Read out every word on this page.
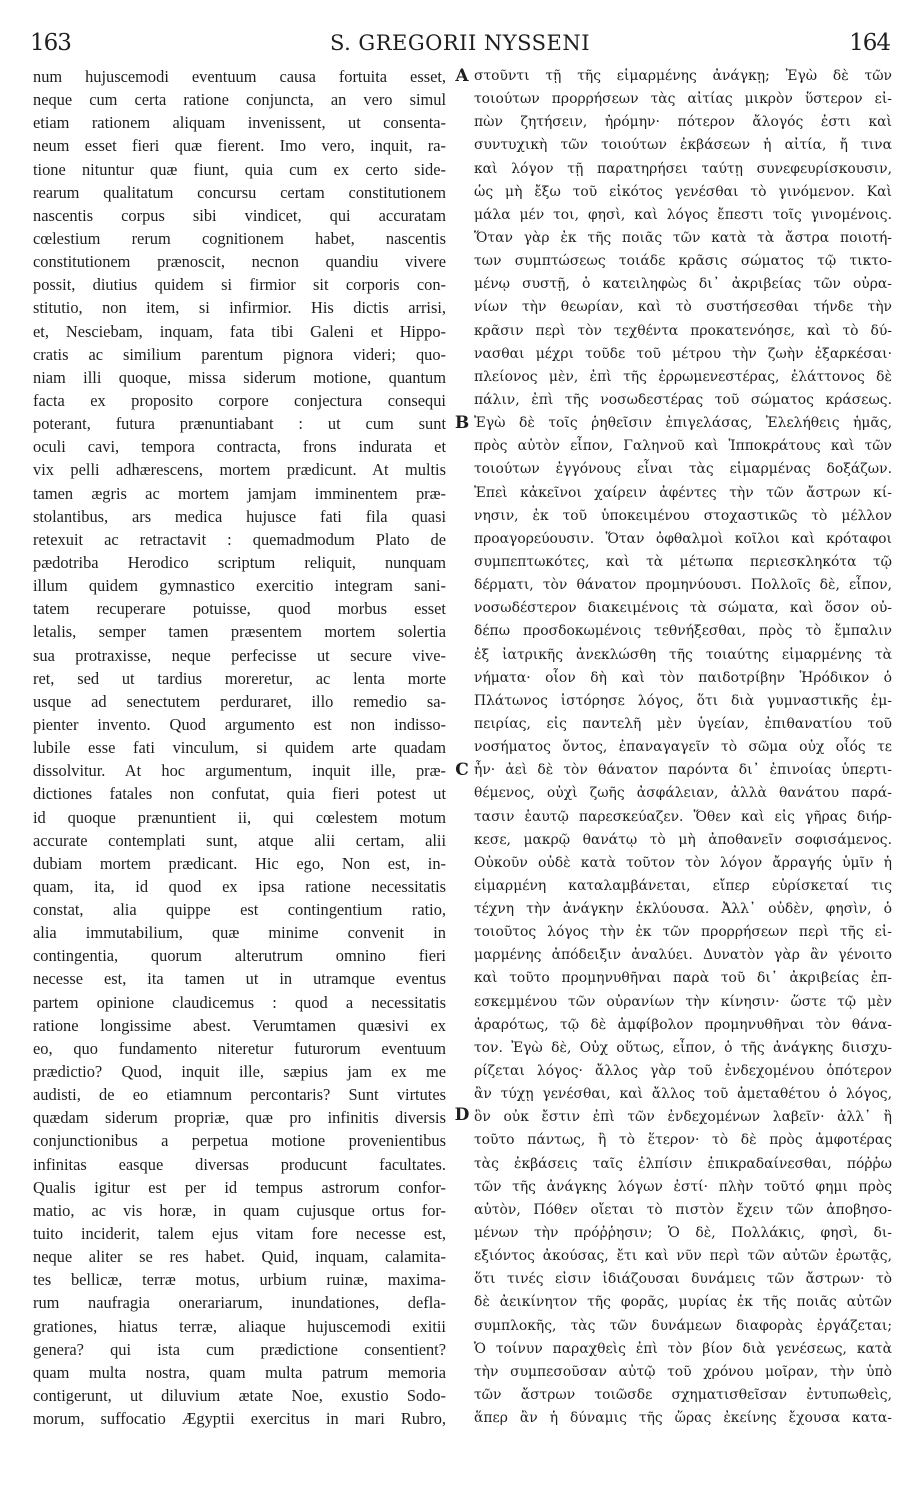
163	S. GREGORII NYSSENI	164
num hujuscemodi eventuum causa fortuita esset,
neque cum certa ratione conjuncta, an vero simul
etiam rationem aliquam invenissent, ut consenta-
neum esset fieri quæ fierent. Imo vero, inquit, ra-
tione nituntur quæ fiunt, quia cum ex certo side-
rearum qualitatum concursu certam constitutionem
nascentis corpus sibi vindicet, qui accuratam
cœlestium rerum cognitionem habet, nascentis
constitutionem prænoscit, necnon quandiu vivere
possit, diutius quidem si firmior sit corporis con-
stitutio, non item, si infirmior. His dictis arrisi,
et, Nesciebam, inquam, fata tibi Galeni et Hippo-
cratis ac similium parentum pignora videri; quo-
niam illi quoque, missa siderum motione, quantum
facta ex proposito corpore conjectura consequi
poterant, futura prænuntiabant : ut cum sunt
oculi cavi, tempora contracta, frons indurata et
vix pelli adhærescens, mortem prædicunt. At multis
tamen ægris ac mortem jamjam imminentem præ-
stolantibus, ars medica hujusce fati fila quasi
retexuit ac retractavit : quemadmodum Plato de
pædotriba Herodico scriptum reliquit, nunquam
illum quidem gymnastico exercitio integram sani-
tatem recuperare potuisse, quod morbus esset
letalis, semper tamen præsentem mortem solertia
sua protraxisse, neque perfecisse ut secure vive-
ret, sed ut tardius moreretur, ac lenta morte
usque ad senectutem perduraret, illo remedio sa-
pienter invento. Quod argumento est non indisso-
lubile esse fati vinculum, si quidem arte quadam
dissolvitur. At hoc argumentum, inquit ille, præ-
dictiones fatales non confutat, quia fieri potest ut
id quoque prænuntient ii, qui cœlestem motum
accurate contemplati sunt, atque alii certam, alii
dubiam mortem prædicant. Hic ego, Non est, in-
quam, ita, id quod ex ipsa ratione necessitatis
constat, alia quippe est contingentium ratio,
alia immutabilium, quæ minime convenit in
contingentia, quorum alterutrum omnino fieri
necesse est, ita tamen ut in utramque eventus
partem opinione claudicemus : quod a necessitatis
ratione longissime abest. Verumtamen quæsivi ex
eo, quo fundamento niteretur futurorum eventuum
prædictio? Quod, inquit ille, sæpius jam ex me
audisti, de eo etiamnum percontaris? Sunt virtutes
quædam siderum propriæ, quæ pro infinitis diversis
conjunctionibus a perpetua motione provenientibus
infinitas easque diversas producunt facultates.
Qualis igitur est per id tempus astrorum confor-
matio, ac vis horæ, in quam cujusque ortus for-
tuito inciderit, talem ejus vitam fore necesse est,
neque aliter se res habet. Quid, inquam, calamita-
tes bellicæ, terræ motus, urbium ruinæ, maxima-
rum naufragia onerariarum, inundationes, defla-
grationes, hiatus terræ, aliaque hujuscemodi exitii
genera? qui ista cum prædictione consentient?
quam multa nostra, quam multa patrum memoria
contigerunt, ut diluvium ætate Noe, exustio Sodo-
morum, suffocatio Ægyptii exercitus in mari Rubro,
στοῦντι τῇ τῆς εἱμαρμένης ἀνάγκῃ; Ἐγὼ δὲ τῶν
τοιούτων προρρήσεων τὰς αἰτίας μικρὸν ὕστερον εἰ-
πὼν ζητήσειν, ἠρόμην· πότερον ἄλογός ἐστι καὶ
συντυχικὴ τῶν τοιούτων ἐκβάσεων ἡ αἰτία, ἤ τινα
καὶ λόγον τῇ παρατηρήσει ταύτῃ συνεφευρίσκουσιν,
ὡς μὴ ἔξω τοῦ εἰκότος γενέσθαι τὸ γινόμενον. Καὶ
μάλα μέν τοι, φησὶ, καὶ λόγος ἔπεστι τοῖς γινομένοις.
Ὅταν γὰρ ἐκ τῆς ποιᾶς τῶν κατὰ τὰ ἄστρα ποιοτή-
των συμπτώσεως τοιάδε κρᾶσις σώματος τῷ τικτο-
μένῳ συστῇ, ὁ κατειληφὼς δι᾽ ἀκριβείας τῶν οὐρα-
νίων τὴν θεωρίαν, καὶ τὸ συστήσεσθαι τήνδε τὴν
κρᾶσιν περὶ τὸν τεχθέντα προκατενόησε, καὶ τὸ δύ-
νασθαι μέχρι τοῦδε τοῦ μέτρου τὴν ζωὴν ἐξαρκέσαι·
πλείονος μὲν, ἐπὶ τῆς ἐρρωμενεστέρας, ἐλάττονος δὲ
πάλιν, ἐπὶ τῆς νοσωδεστέρας τοῦ σώματος κράσεως.
Ἐγὼ δὲ τοῖς ῥηθεῖσιν ἐπιγελάσας, Ἐλελήθεις ἡμᾶς,
πρὸς αὐτὸν εἶπον, Γαληνοῦ καὶ Ἱπποκράτους καὶ τῶν
τοιούτων ἐγγόνους εἶναι τὰς εἱμαρμένας δοξάζων.
Ἐπεὶ κἀκεῖνοι χαίρειν ἀφέντες τὴν τῶν ἄστρων κί-
νησιν, ἐκ τοῦ ὑποκειμένου στοχαστικῶς τὸ μέλλον
προαγορεύουσιν. Ὅταν ὀφθαλμοὶ κοῖλοι καὶ κρόταφοι
συμπεπτωκότες, καὶ τὰ μέτωπα περιεσκληκότα τῷ
δέρματι, τὸν θάνατον προμηνύουσι. Πολλοῖς δὲ, εἶπον,
νοσωδέστερον διακειμένοις τὰ σώματα, καὶ ὅσον οὐ-
δέπω προσδοκωμένοις τεθνήξεσθαι, πρὸς τὸ ἔμπαλιν
ἐξ ἰατρικῆς ἀνεκλώσθη τῆς τοιαύτης εἱμαρμένης τὰ
νήματα· οἷον δὴ καὶ τὸν παιδοτρίβην Ἡρόδικον ὁ
Πλάτωνος ἱστόρησε λόγος, ὅτι διὰ γυμναστικῆς ἐμ-
πειρίας, εἰς παντελῆ μὲν ὑγείαν, ἐπιθανατίου τοῦ
νοσήματος ὄντος, ἐπαναγαγεῖν τὸ σῶμα οὐχ οἷός τε
ἦν· ἀεὶ δὲ τὸν θάνατον παρόντα δι᾽ ἐπινοίας ὑπερτι-
θέμενος, οὐχὶ ζωῆς ἀσφάλειαν, ἀλλὰ θανάτου παρά-
τασιν ἑαυτῷ παρεσκεύαζεν. Ὅθεν καὶ εἰς γῆρας διήρ-
κεσε, μακρῷ θανάτῳ τὸ μὴ ἀποθανεῖν σοφισάμενος.
Οὐκοῦν οὐδὲ κατὰ τοῦτον τὸν λόγον ἄρραγής ὑμῖν ἡ
εἱμαρμένη καταλαμβάνεται, εἴπερ εὑρίσκεταί τις
τέχνη τὴν ἀνάγκην ἐκλύουσα. Ἀλλ᾽ οὐδὲν, φησὶν, ὁ
τοιοῦτος λόγος τὴν ἐκ τῶν προρρήσεων περὶ τῆς εἱ-
μαρμένης ἀπόδειξιν ἀναλύει. Δυνατὸν γὰρ ἂν γένοιτο
καὶ τοῦτο προμηνυθῆναι παρὰ τοῦ δι᾽ ἀκριβείας ἐπ-
εσκεμμένου τῶν οὐρανίων τὴν κίνησιν· ὥστε τῷ μὲν
ἀραρότως, τῷ δὲ ἀμφίβολον προμηνυθῆναι τὸν θάνα-
τον. Ἐγὼ δὲ, Οὐχ οὕτως, εἶπον, ὁ τῆς ἀνάγκης διισχυ-
ρίζεται λόγος· ἄλλος γὰρ τοῦ ἐνδεχομένου ὁπότερον
ἂν τύχῃ γενέσθαι, καὶ ἄλλος τοῦ ἀμεταθέτου ὁ λόγος,
ὃν οὐκ ἔστιν ἐπὶ τῶν ἐνδεχομένων λαβεῖν· ἀλλ᾽ ἢ
τοῦτο πάντως, ἢ τὸ ἕτερον· τὸ δὲ πρὸς ἀμφοτέρας
τὰς ἐκβάσεις ταῖς ἐλπίσιν ἐπικραδαίνεσθαι, πόῤῥω
τῶν τῆς ἀνάγκης λόγων ἐστί· πλὴν τοῦτό φημι πρὸς
αὐτὸν, Πόθεν οἴεται τὸ πιστὸν ἔχειν τῶν ἀποβησο-
μένων τὴν πρόῤῥησιν; Ὁ δὲ, Πολλάκις, φησὶ, δι-
εξιόντος ἀκούσας, ἔτι καὶ νῦν περὶ τῶν αὐτῶν ἐρωτᾷς,
ὅτι τινές εἰσιν ἰδιάζουσαι δυνάμεις τῶν ἄστρων· τὸ
δὲ ἀεικίνητον τῆς φορᾶς, μυρίας ἐκ τῆς ποιᾶς αὐτῶν
συμπλοκῆς, τὰς τῶν δυνάμεων διαφορὰς ἐργάζεται;
Ὁ τοίνυν παραχθεὶς ἐπὶ τὸν βίον διὰ γενέσεως, κατὰ
τὴν συμπεσοῦσαν αὐτῷ τοῦ χρόνου μοῖραν, τὴν ὑπὸ
τῶν ἄστρων τοιῶσδε σχηματισθεῖσαν ἐντυπωθεὶς,
ἅπερ ἂν ἡ δύναμις τῆς ὥρας ἐκείνης ἔχουσα κατα-
A
B
C
D
